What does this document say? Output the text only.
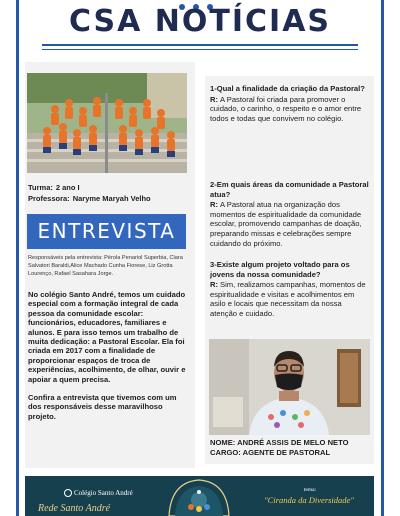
CSA NOTÍCIAS
Turma: 2 ano I
Professora: Naryme Maryah Velho
ENTREVISTA

Responsáveis pela entrevista: Pérola Penariol Superbia, Clara Salvatori Baraldi,Alice Machado Cunha Fiorese, Liz Grotta Lourenço, Rafael Sasahara Jorge.

No colégio Santo André, temos um cuidado especial com a formação integral de cada pessoa da comunidade escolar: funcionários, educadores, familiares e alunos. E para isso temos um trabalho de muita dedicação: a Pastoral Escolar. Ela foi criada em 2017 com a finalidade de proporcionar espaços de troca de experiências, acolhimento, de olhar, ouvir e apoiar a quem precisa.

Confira a entrevista que tivemos com um dos responsáveis desse maravilhoso projeto.

1-Qual a finalidade da criação da Pastoral?
R: A Pastoral foi criada para promover o cuidado, o carinho, o respeito e o amor entre todos e todas que convivem no colégio.
2-Em quais áreas da comunidade a Pastoral atua?
R: A Pastoral atua na organização dos momentos de espiritualidade da comunidade escolar, promovendo campanhas de doação, preparando missas e celebrações sempre cuidando do próximo.
3-Existe algum projeto voltado para os jovens da nossa comunidade?
R: Sim, realizamos campanhas, momentos de espiritualidade e visitas e acolhimentos em asilo e locais que necessitam da nossa atenção e cuidado.
NOME: ANDRÉ ASSIS DE MELO NETO
CARGO: AGENTE DE PASTORAL
Colégio Santo André
Rede Santo André
tema:
"Ciranda da Diversidade"
